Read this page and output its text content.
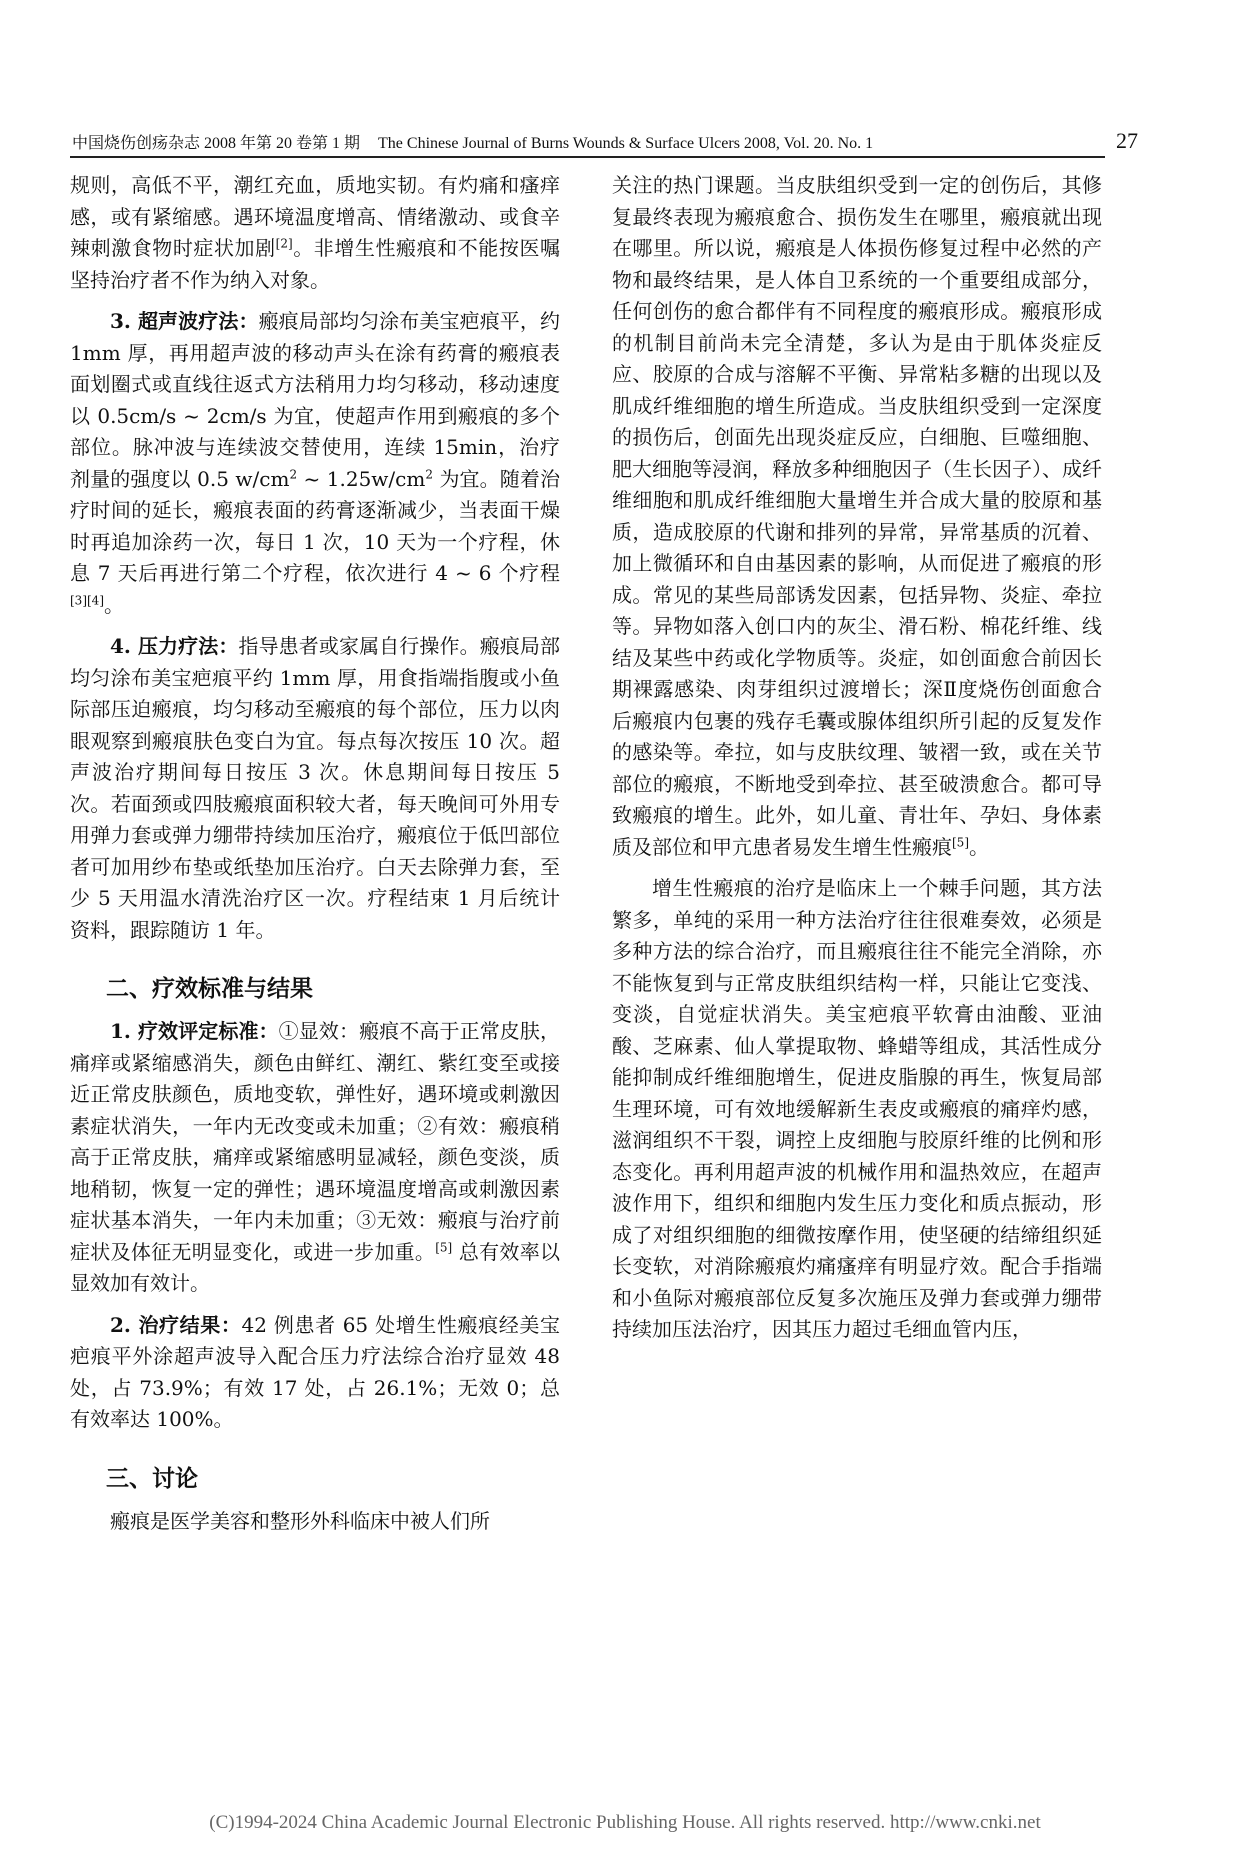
中国烧伤创疡杂志 2008 年第 20 卷第 1 期 The Chinese Journal of Burns Wounds & Surface Ulcers 2008, Vol. 20. No. 1	27

规则，高低不平，潮红充血，质地实韧。有灼痛和瘙痒感，或有紧缩感。遇环境温度增高、情绪激动、或食辛辣刺激食物时症状加剧[2]。非增生性瘢痕和不能按医嘱坚持治疗者不作为纳入对象。

3. 超声波疗法：瘢痕局部均匀涂布美宝疤痕平，约 1mm 厚，再用超声波的移动声头在涂有药膏的瘢痕表面划圈式或直线往返式方法稍用力均匀移动，移动速度以 0.5cm/s ~ 2cm/s 为宜，使超声作用到瘢痕的多个部位。脉冲波与连续波交替使用，连续 15min，治疗剂量的强度以 0.5 $w/cm^2$ ~ $1.25w/cm^2$ 为宜。随着治疗时间的延长，瘢痕表面的药膏逐渐减少，当表面干燥时再追加涂药一次，每日 1 次，10 天为一个疗程，休息 7 天后再进行第二个疗程，依次进行 4 ~ 6 个疗程[3][4]。

4. 压力疗法：指导患者或家属自行操作。瘢痕局部均匀涂布美宝疤痕平约 1mm 厚，用食指端指腹或小鱼际部压迫瘢痕，均匀移动至瘢痕的每个部位，压力以肉眼观察到瘢痕肤色变白为宜。每点每次按压 10 次。超声波治疗期间每日按压 3 次。休息期间每日按压 5 次。若面颈或四肢瘢痕面积较大者，每天晚间可外用专用弹力套或弹力绷带持续加压治疗，瘢痕位于低凹部位者可加用纱布垫或纸垫加压治疗。白天去除弹力套，至少 5 天用温水清洗治疗区一次。疗程结束 1 月后统计资料，跟踪随访 1 年。

二、疗效标准与结果

1. 疗效评定标准：①显效：瘢痕不高于正常皮肤，痛痒或紧缩感消失，颜色由鲜红、潮红、紫红变至或接近正常皮肤颜色，质地变软，弹性好，遇环境或刺激因素症状消失，一年内无改变或未加重；②有效：瘢痕稍高于正常皮肤，痛痒或紧缩感明显减轻，颜色变淡，质地稍韧，恢复一定的弹性；遇环境温度增高或刺激因素症状基本消失，一年内未加重；③无效：瘢痕与治疗前症状及体征无明显变化，或进一步加重。[5] 总有效率以显效加有效计。

2. 治疗结果：42 例患者 65 处增生性瘢痕经美宝疤痕平外涂超声波导入配合压力疗法综合治疗显效 48 处，占 73.9%；有效 17 处，占 26.1%；无效 0；总有效率达 100%。

三、讨论

瘢痕是医学美容和整形外科临床中被人们所

关注的热门课题。当皮肤组织受到一定的创伤后，其修复最终表现为瘢痕愈合、损伤发生在哪里，瘢痕就出现在哪里。所以说，瘢痕是人体损伤修复过程中必然的产物和最终结果，是人体自卫系统的一个重要组成部分，任何创伤的愈合都伴有不同程度的瘢痕形成。瘢痕形成的机制目前尚未完全清楚，多认为是由于肌体炎症反应、胶原的合成与溶解不平衡、异常粘多糖的出现以及肌成纤维细胞的增生所造成。当皮肤组织受到一定深度的损伤后，创面先出现炎症反应，白细胞、巨噬细胞、肥大细胞等浸润，释放多种细胞因子（生长因子）、成纤维细胞和肌成纤维细胞大量增生并合成大量的胶原和基质，造成胶原的代谢和排列的异常，异常基质的沉着、加上微循环和自由基因素的影响，从而促进了瘢痕的形成。常见的某些局部诱发因素，包括异物、炎症、牵拉等。异物如落入创口内的灰尘、滑石粉、棉花纤维、线结及某些中药或化学物质等。炎症，如创面愈合前因长期裸露感染、肉芽组织过渡增长；深Ⅱ度烧伤创面愈合后瘢痕内包裹的残存毛囊或腺体组织所引起的反复发作的感染等。牵拉，如与皮肤纹理、皱褶一致，或在关节部位的瘢痕，不断地受到牵拉、甚至破溃愈合。都可导致瘢痕的增生。此外，如儿童、青壮年、孕妇、身体素质及部位和甲亢患者易发生增生性瘢痕[5]。

增生性瘢痕的治疗是临床上一个棘手问题，其方法繁多，单纯的采用一种方法治疗往往很难奏效，必须是多种方法的综合治疗，而且瘢痕往往不能完全消除，亦不能恢复到与正常皮肤组织结构一样，只能让它变浅、变淡，自觉症状消失。美宝疤痕平软膏由油酸、亚油酸、芝麻素、仙人掌提取物、蜂蜡等组成，其活性成分能抑制成纤维细胞增生，促进皮脂腺的再生，恢复局部生理环境，可有效地缓解新生表皮或瘢痕的痛痒灼感，滋润组织不干裂，调控上皮细胞与胶原纤维的比例和形态变化。再利用超声波的机械作用和温热效应，在超声波作用下，组织和细胞内发生压力变化和质点振动，形成了对组织细胞的细微按摩作用，使坚硬的结缔组织延长变软，对消除瘢痕灼痛瘙痒有明显疗效。配合手指端和小鱼际对瘢痕部位反复多次施压及弹力套或弹力绷带持续加压法治疗，因其压力超过毛细血管内压，

(C)1994-2024 China Academic Journal Electronic Publishing House. All rights reserved. http://www.cnki.net
